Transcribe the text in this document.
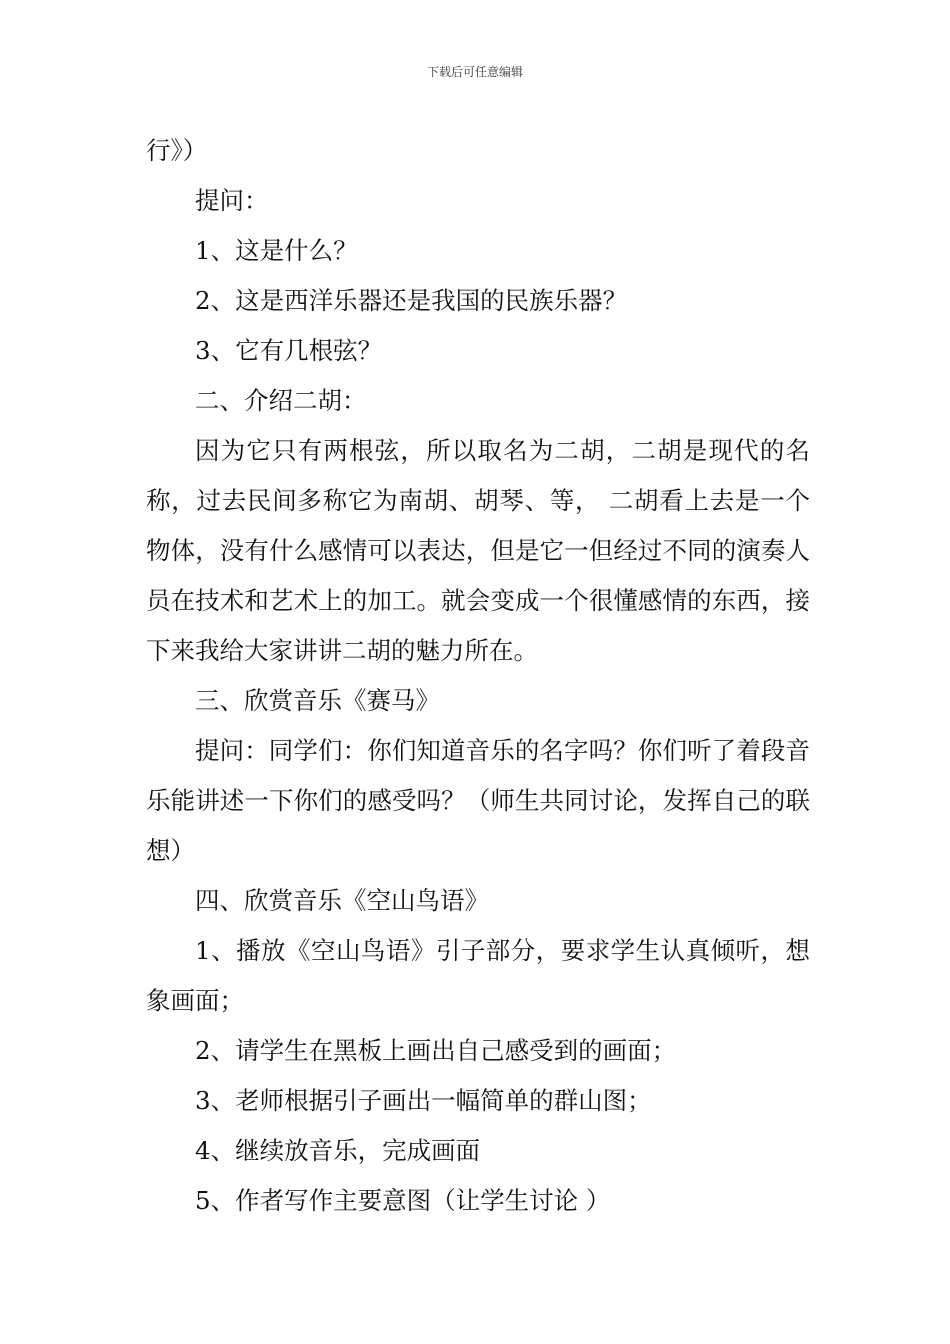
下载后可任意编辑

行》）

提问：

1、这是什么？

2、这是西洋乐器还是我国的民族乐器？

3、它有几根弦？

二、介绍二胡：

因为它只有两根弦，所以取名为二胡，二胡是现代的名称，过去民间多称它为南胡、胡琴、等， 二胡看上去是一个物体，没有什么感情可以表达，但是它一但经过不同的演奏人员在技术和艺术上的加工。就会变成一个很懂感情的东西，接下来我给大家讲讲二胡的魅力所在。

三、欣赏音乐《赛马》

提问：同学们：你们知道音乐的名字吗？你们听了着段音乐能讲述一下你们的感受吗？（师生共同讨论，发挥自己的联想）

四、欣赏音乐《空山鸟语》

1、播放《空山鸟语》引子部分，要求学生认真倾听，想象画面；

2、请学生在黑板上画出自己感受到的画面；

3、老师根据引子画出一幅简单的群山图；

4、继续放音乐，完成画面

5、作者写作主要意图（让学生讨论 ）
